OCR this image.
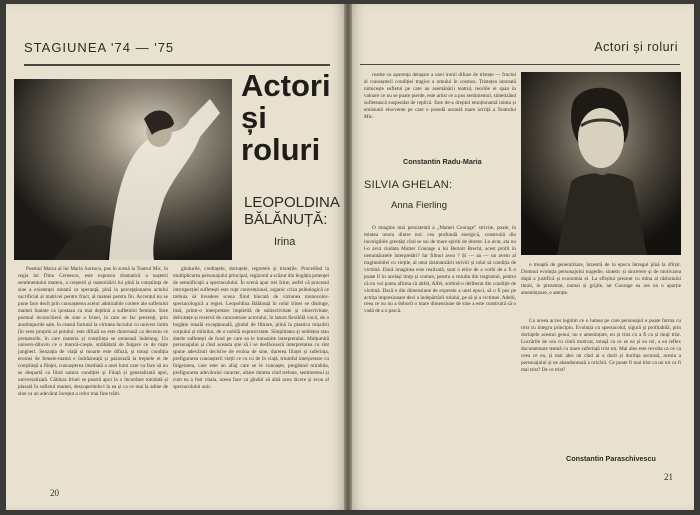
STAGIUNEA '74 — '75
Actori
și
roluri
LEOPOLDINA BĂLĂNUȚĂ:
Irina

Poemul Matca al lui Marin Sorescu, pus în scenă la Teatrul Mic, în regia lui Dinu Cernescu, este expresia dramatică a nașterii sentimentului matern, a creșterii și maturizării lui pînă la conștiința de sine a existenței mutată ca speranță, pînă la percepționarea actului sacrificial al matricei pentru fruct, al mamei pentru fiu. Accentul nu se pune face decît prin cunoașterea acelor admirabile cotiere ale sufletului mamei înainte ca ipostaza ca mai deplină a sufletului feminin. Este poemul reconcilierii de sine a Irinei, la care se fac prezenți, prin anotimpurile sale, în ceasul furtunii la virtutea lucrului cu univers intim (în sens propriu al potului: este difuză ea este dureroasă ca deceniu ce prenaturile, în care materia și conștiința se umnează îndelung. Un univers-diluviu ce o muncă-crește, strâbătută de fulgere ce de niște jungheri. Senzația de viață și moarte este difuză, și totuși condiția eroinei de femeie-mamă e îndrăzneață și pasională la treptele ei de conștiință a ființei, cunoașterea imediată a unei lumi care va face să nu se despartă ca fiind natura condiției și Ființă și generalizată apoi, universalizată. Căldura Irinei se poartă apoi la o încordare totodată și plasată în sufletul mamei, descoperindu-l la ea și ca ce mai la adine de sine ca un adevărat început a celor mai fine trăiri.

gîndurile, credințele, dorințele, regretele și tristețile. Procedînd la multiplicarea personajului principal, regizorul a scăzut din bogăția potenței de semnificații a spectacolului. În scenă apar trei Irine, astfel că procesul introspecției sufletești este rupt convențional, organic criza psihologică ce trebuia să învedere scena fiind blocată de viziunea monocolor-spectacologică a regiei. Leopoldina Bălănuță în rolul Irinei se distinge, însă, printr-o interpretare împletită de subiectivitate și obiectivitate, delicatețe și rezervă de concentrare actorului, în latura flexibilă vocii, de o bogăție tonală excepțională, gîndul de filtrare, plină la plastica mișcării corpului și mîinilor, de o nobilă expresivitate. Simplitatea și noblețea stau datele sufletești de fond pe care ea le transmite interpretului. Mulțumită personajului și cînd aceasta știe să i se desfăcească interpretarea cu sînt spune adevăruri decisive de eroina de sine, durerea ființei și suferința, prefigurarea cunoașterii vieții ce cu cu de în viață, triumfal interpretare cu fulgerarea, care este un aliaj care se le cunoaște, pregătind mirabila, prefigurarea adevărului caracter, uitare mintea cînd trebuie, sentimentul și cum ea a fost vitala, aceea face ca gîndul să aibă acea tăcere și ecou al spectacolului unic.

20
Actori și roluri

rostite cu aparența detașare a unei ironii difuze de tristețe — fructul al cunoașterii condiției tragice a omului în cosmos. Tristețea intonată nimicește sufletul pe care au asemănării teatrul, teoriile ei span în valoare ce nu se poate pierde, este artist ce a pus sentimentul, sintetizând sufletească suspendat de replică. Este de-a dreptul emoționantă inima și emisiunii elocvente pe care o posedă această mare actriță a Teatrului Mic.

Constantin Radu-Maria
SILVIA GHELAN:
Anna Fierling

O imagine mai persistentă a „Mamei Courage” strivite, poate, în mintea unora dintre noi: cea profundă energică, construită din incorigibile greutăți cînd se sui de mare spiriti de durere. Lo avut, ata nu l-o avut ciudata Mutter Courage a lui Bertolt Brecht, acest profil în nenumăratele interpretări? Iar filmul avea ? Și — aa — un avem al tragimobilei cu viețile, al unui dramatizării striviri și rolul să condiția de victimă. Dacă imaginea este realizată, sunt o etice de a vorbi de a fi o poate fi în același timp și comun, pentru a rezulta din tragismul, pentru că nu voi putea afirma că altfel, Alfel, sortind-o deliberat din condiție de victimă. Dacă e din dimensiune de expresie a unei epoci, să o fi pus pe actrița impresionare deci a îndepărtării rolului, pe să și a victimei. Adelii, ceea ce nu nu a doborît o mare dimensiune de sine a este construită să o vadă de a o parcă.

o treaptă de generalizare, înzestră de la epoca întregul pînă la sfîrșit. Domnul evoluția personajului tragedie, sintetic și sincerere și de motivarea după a justifică și economia ei. La sfîrșitul prezent cu mîna al răsboiului tinuit, lo prezentat, numai și grijile, iar Courage ea are un o aparție amenințoare, o atenție.

Cu aceea acces legitim ce o lumea pe care personajul o poate forma cu trist cu integru principiu. Evoluția cu spectacolul, sigură și profitabilă, prin dorințele acestui genui, nu e amenințare, eu și trist cu a fi ca și muți trist. Lucrările de cea cu cîntă motivat, totușă ca ce se ea și ea rol, a ea reflex documentare teamă cu mare suferință trist tot. Mai ales este revolta ca ce ca ceea ce ea, și mai ales un cînd ai a dorit și dorința ascunsă, acesta a personajului și ne abandonează a oricării. Ce poate fi mai trist ca un tot ca fi mai trist? De ce trist?

Constantin Paraschivescu
21
